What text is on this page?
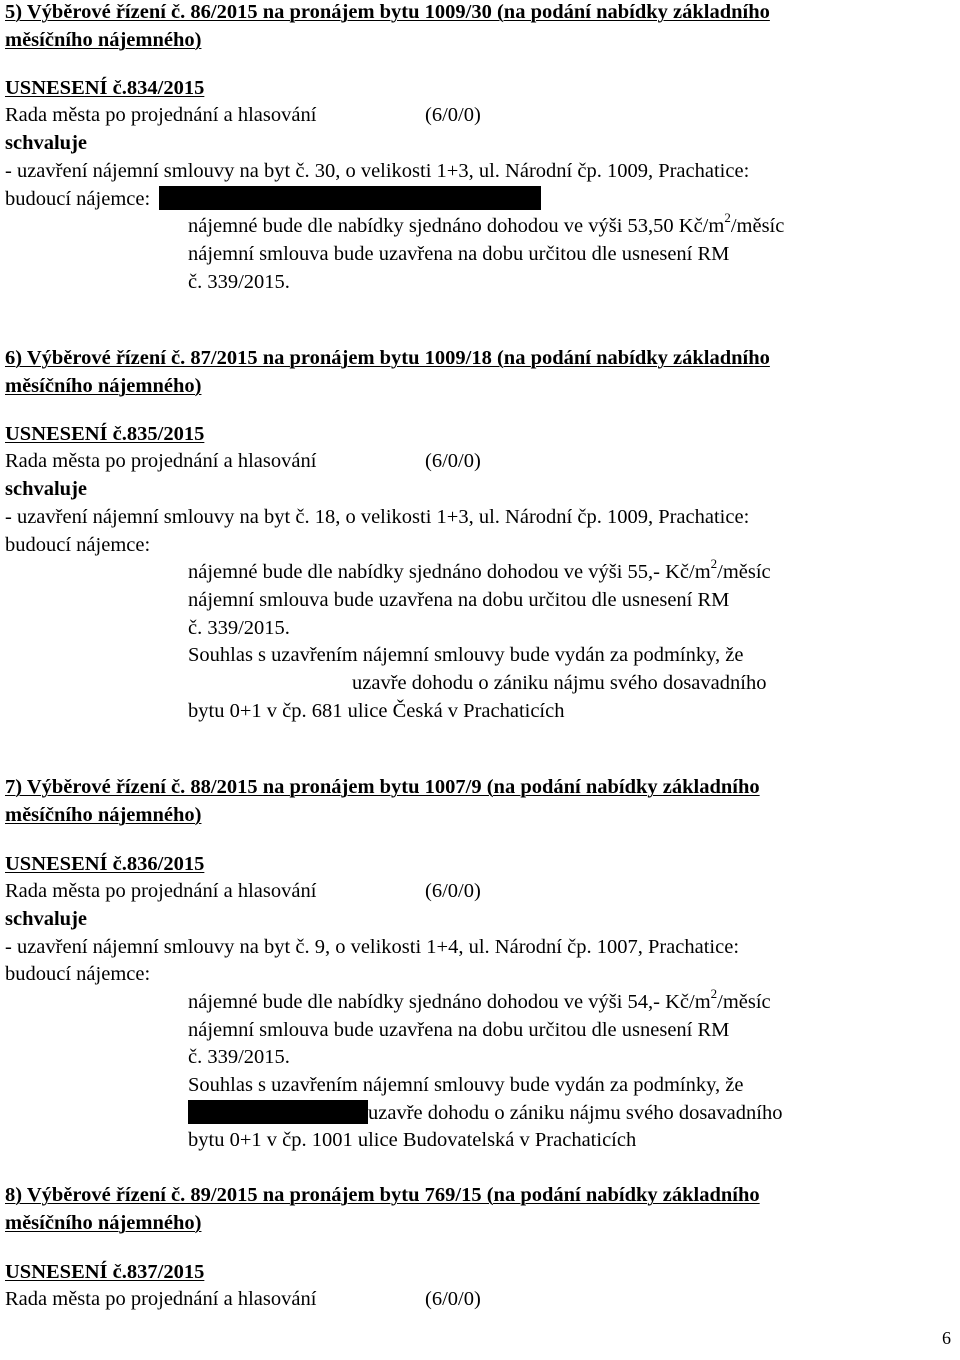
5) Výběrové řízení č. 86/2015 na pronájem bytu 1009/30 (na podání nabídky základního
měsíčního nájemného)
USNESENÍ č.834/2015
Rada města po projednání a hlasování	(6/0/0)
schvaluje
- uzavření nájemní smlouvy na byt č. 30, o velikosti 1+3, ul. Národní čp. 1009, Prachatice:
budoucí nájemce:
nájemné bude dle nabídky sjednáno dohodou ve výši 53,50 $Kč/m^2$/měsíc
nájemní smlouva bude uzavřena na dobu určitou dle usnesení RM
č. 339/2015.
6) Výběrové řízení č. 87/2015 na pronájem bytu 1009/18 (na podání nabídky základního
měsíčního nájemného)
USNESENÍ č.835/2015
Rada města po projednání a hlasování	(6/0/0)
schvaluje
- uzavření nájemní smlouvy na byt č. 18, o velikosti 1+3, ul. Národní čp. 1009, Prachatice:
budoucí nájemce:
nájemné bude dle nabídky sjednáno dohodou ve výši 55,- $Kč/m^2$/měsíc
nájemní smlouva bude uzavřena na dobu určitou dle usnesení RM
č. 339/2015.
Souhlas s uzavřením nájemní smlouvy bude vydán za podmínky, že
uzavře dohodu o zániku nájmu svého dosavadního
bytu 0+1 v čp. 681 ulice Česká v Prachaticích
7) Výběrové řízení č. 88/2015 na pronájem bytu 1007/9 (na podání nabídky základního
měsíčního nájemného)
USNESENÍ č.836/2015
Rada města po projednání a hlasování	(6/0/0)
schvaluje
- uzavření nájemní smlouvy na byt č. 9, o velikosti 1+4, ul. Národní čp. 1007, Prachatice:
budoucí nájemce:
nájemné bude dle nabídky sjednáno dohodou ve výši 54,- $Kč/m^2$/měsíc
nájemní smlouva bude uzavřena na dobu určitou dle usnesení RM
č. 339/2015.
Souhlas s uzavřením nájemní smlouvy bude vydán za podmínky, že
uzavře dohodu o zániku nájmu svého dosavadního
bytu 0+1 v čp. 1001 ulice Budovatelská v Prachaticích
8) Výběrové řízení č. 89/2015 na pronájem bytu 769/15 (na podání nabídky základního
měsíčního nájemného)
USNESENÍ č.837/2015
Rada města po projednání a hlasování	(6/0/0)
6
